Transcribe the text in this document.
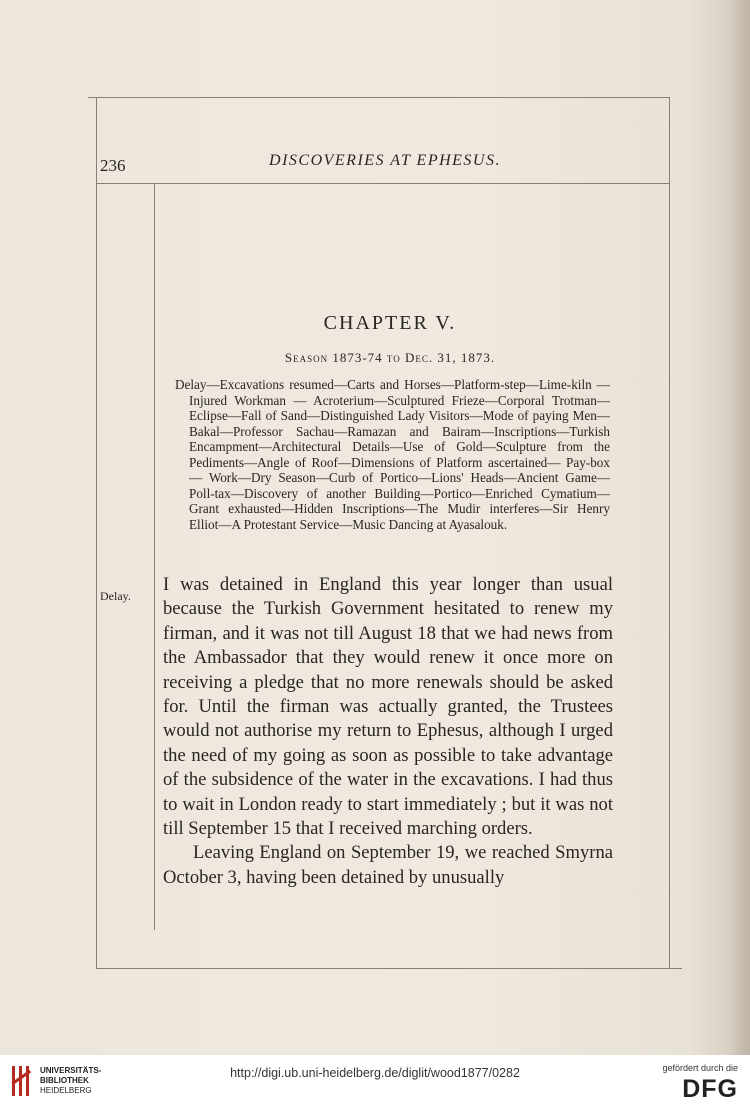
236	DISCOVERIES AT EPHESUS.
CHAPTER V.
Season 1873-74 to Dec. 31, 1873.
Delay—Excavations resumed—Carts and Horses—Platform-step—Lime-kiln — Injured Workman — Acroterium—Sculptured Frieze—Corporal Trotman—Eclipse—Fall of Sand—Distinguished Lady Visitors—Mode of paying Men—Bakal—Professor Sachau—Ramazan and Bairam—Inscriptions—Turkish Encampment—Architectural Details—Use of Gold—Sculpture from the Pediments—Angle of Roof—Dimensions of Platform ascertained— Pay-box — Work—Dry Season—Curb of Portico—Lions' Heads—Ancient Game—Poll-tax—Discovery of another Building—Portico—Enriched Cymatium—Grant exhausted—Hidden Inscriptions—The Mudir interferes—Sir Henry Elliot—A Protestant Service—Music Dancing at Ayasalouk.
Delay.

I was detained in England this year longer than usual because the Turkish Government hesitated to renew my firman, and it was not till August 18 that we had news from the Ambassador that they would renew it once more on receiving a pledge that no more renewals should be asked for. Until the firman was actually granted, the Trustees would not authorise my return to Ephesus, although I urged the need of my going as soon as possible to take advantage of the subsidence of the water in the excavations. I had thus to wait in London ready to start immediately ; but it was not till September 15 that I received marching orders.

Leaving England on September 19, we reached Smyrna October 3, having been detained by unusually

UNIVERSITÄTS-
BIBLIOTHEK
HEIDELBERG
http://digi.ub.uni-heidelberg.de/diglit/wood1877/0282	gefördert durch die
DFG
